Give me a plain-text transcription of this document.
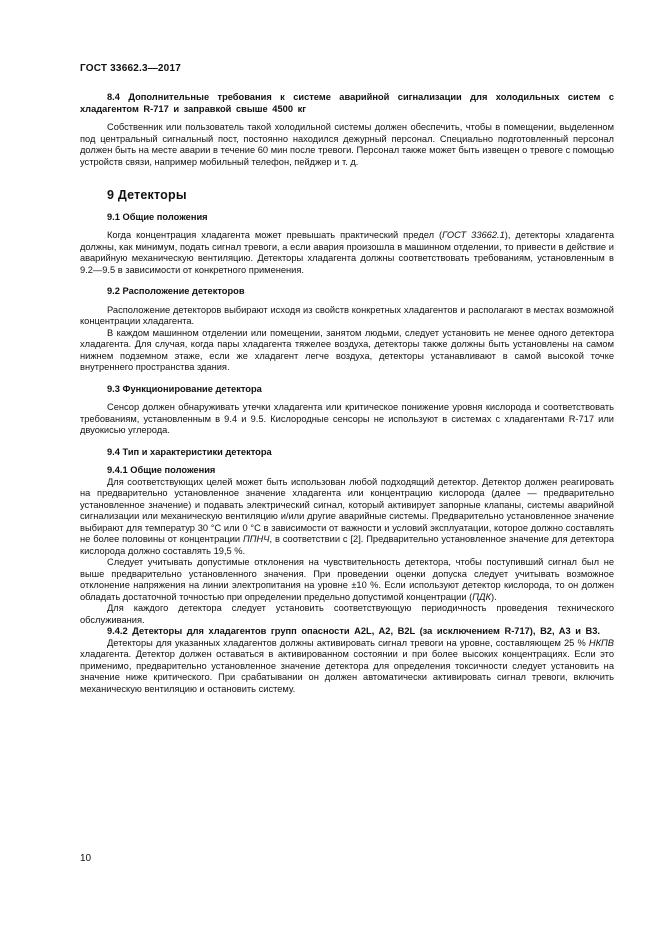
ГОСТ 33662.3—2017

8.4 Дополнительные требования к системе аварийной сигнализации для холодильных систем с хладагентом R-717 и заправкой свыше 4500 кг

Собственник или пользователь такой холодильной системы должен обеспечить, чтобы в помещении, выделенном под центральный сигнальный пост, постоянно находился дежурный персонал. Специально подготовленный персонал должен быть на месте аварии в течение 60 мин после тревоги. Персонал также может быть извещен о тревоге с помощью устройств связи, например мобильный телефон, пейджер и т. д.

9 Детекторы

9.1 Общие положения

Когда концентрация хладагента может превышать практический предел (ГОСТ 33662.1), детекторы хладагента должны, как минимум, подать сигнал тревоги, а если авария произошла в машинном отделении, то привести в действие и аварийную механическую вентиляцию. Детекторы хладагента должны соответствовать требованиям, установленным в 9.2—9.5 в зависимости от конкретного применения.

9.2 Расположение детекторов

Расположение детекторов выбирают исходя из свойств конкретных хладагентов и располагают в местах возможной концентрации хладагента.

В каждом машинном отделении или помещении, занятом людьми, следует установить не менее одного детектора хладагента. Для случая, когда пары хладагента тяжелее воздуха, детекторы также должны быть установлены на самом нижнем подземном этаже, если же хладагент легче воздуха, детекторы устанавливают в самой высокой точке внутреннего пространства здания.

9.3 Функционирование детектора

Сенсор должен обнаруживать утечки хладагента или критическое понижение уровня кислорода и соответствовать требованиям, установленным в 9.4 и 9.5. Кислородные сенсоры не используют в системах с хладагентами R-717 или двуокисью углерода.

9.4 Тип и характеристики детектора

9.4.1 Общие положения

Для соответствующих целей может быть использован любой подходящий детектор. Детектор должен реагировать на предварительно установленное значение хладагента или концентрацию кислорода (далее — предварительно установленное значение) и подавать электрический сигнал, который активирует запорные клапаны, системы аварийной сигнализации или механическую вентиляцию и/или другие аварийные системы. Предварительно установленное значение выбирают для температур 30 °С или 0 °С в зависимости от важности и условий эксплуатации, которое должно составлять не более половины от концентрации ППНЧ, в соответствии с [2]. Предварительно установленное значение для детектора кислорода должно составлять 19,5 %.

Следует учитывать допустимые отклонения на чувствительность детектора, чтобы поступивший сигнал был не выше предварительно установленного значения. При проведении оценки допуска следует учитывать возможное отклонение напряжения на линии электропитания на уровне ±10 %. Если используют детектор кислорода, то он должен обладать достаточной точностью при определении предельно допустимой концентрации (ПДК).

Для каждого детектора следует установить соответствующую периодичность проведения технического обслуживания.

9.4.2 Детекторы для хладагентов групп опасности A2L, A2, B2L (за исключением R-717), B2, A3 и B3.

Детекторы для указанных хладагентов должны активировать сигнал тревоги на уровне, составляющем 25 % НКПВ хладагента. Детектор должен оставаться в активированном состоянии и при более высоких концентрациях. Если это применимо, предварительно установленное значение детектора для определения токсичности следует установить на значение ниже критического. При срабатывании он должен автоматически активировать сигнал тревоги, включить механическую вентиляцию и остановить систему.

10
